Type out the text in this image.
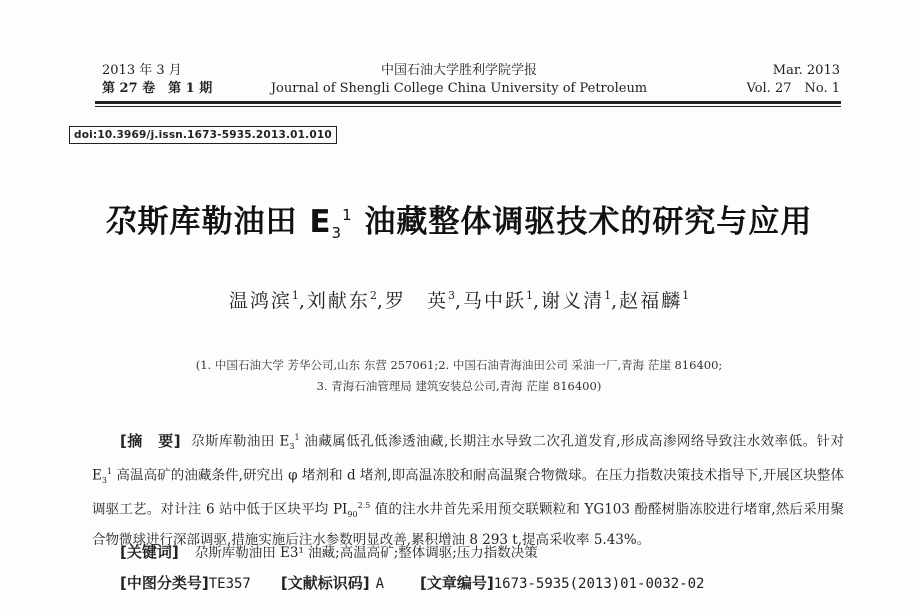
2013 年 3 月
第 27 卷　第 1 期
中国石油大学胜利学院学报
Journal of Shengli College China University of Petroleum
Mar. 2013
Vol. 27　No. 1
doi:10.3969/j.issn.1673-5935.2013.01.010
尕斯库勒油田 $E_3^1$ 油藏整体调驱技术的研究与应用
温鸿滨$^1$,刘献东$^2$,罗　英$^3$,马中跃$^1$,谢义清$^1$,赵福麟$^1$
(1. 中国石油大学 芳华公司,山东 东营 257061;2. 中国石油青海油田公司 采油一厂,青海 茫崖 816400;
3. 青海石油管理局 建筑安装总公司,青海 茫崖 816400)
[摘　要] 尕斯库勒油田 $E_3^1$ 油藏属低孔低渗透油藏,长期注水导致二次孔道发育,形成高渗网络导致注水效率低。针对 $E_3^1$ 高温高矿的油藏条件,研究出 φ 堵剂和 d 堵剂,即高温冻胶和耐高温聚合物微球。在压力指数决策技术指导下,开展区块整体调驱工艺。对计注 6 站中低于区块平均 $PI_{90}^{2.5}$ 值的注水井首先采用预交联颗粒和 YG103 酚醛树脂冻胶进行堵窜,然后采用聚合物微球进行深部调驱,措施实施后注水参数明显改善,累积增油 8 293 t,提高采收率 5.43%。
[关键词] 尕斯库勒油田 E3¹ 油藏;高温高矿;整体调驱;压力指数决策
[中图分类号]TE357 [文献标识码] A [文章编号]1673-5935(2013)01-0032-02
